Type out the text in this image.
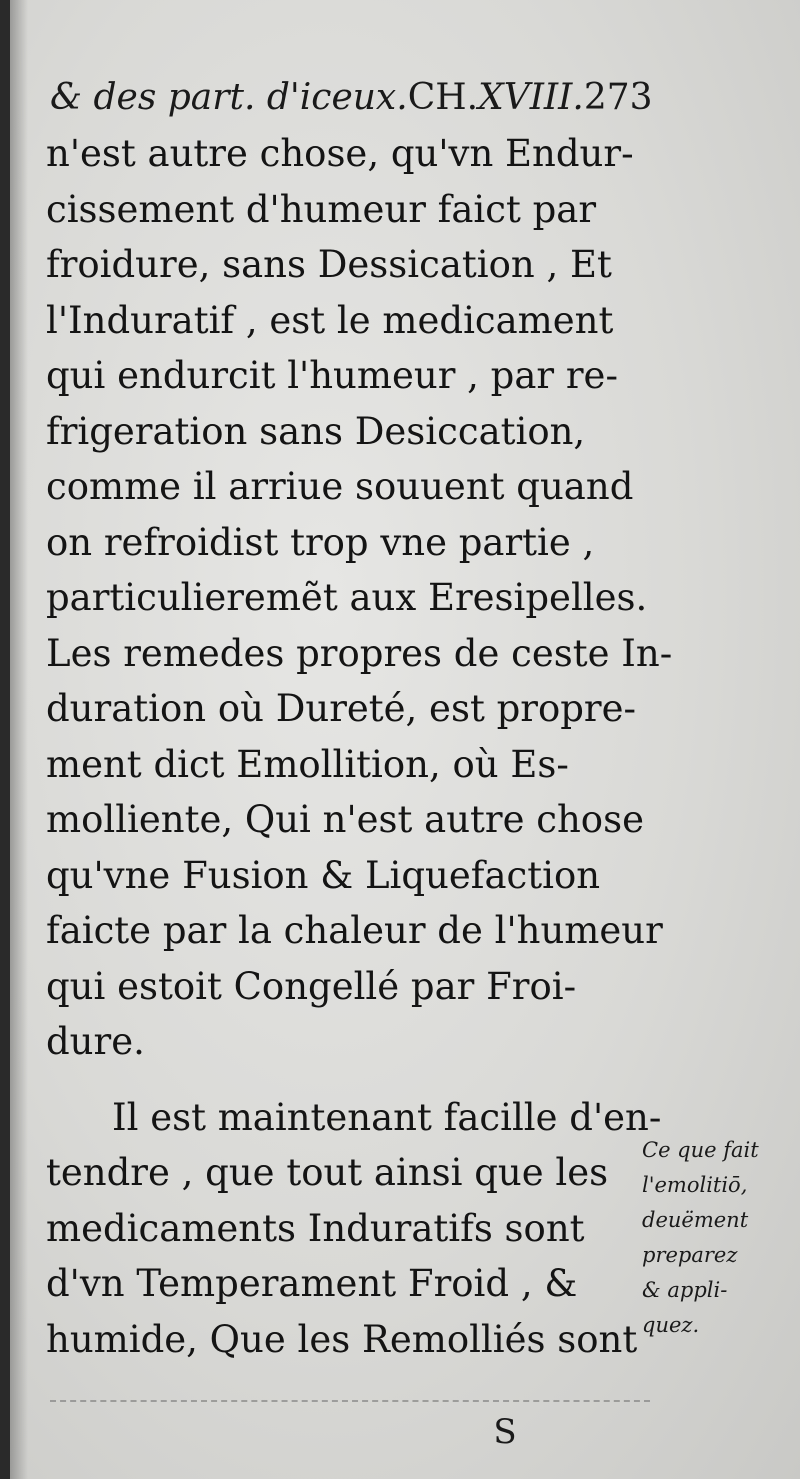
& des part. d'iceux.CH.XVIII.273
n'est autre chose, qu'vn Endur-
cissement d'humeur faict par
froidure, sans Dessication , Et
l'Induratif , est le medicament
qui endurcit l'humeur , par re-
frigeration sans Desiccation,
comme il arriue souuent quand
on refroidist trop vne partie ,
particulieremẽt aux Eresipelles.
Les remedes propres de ceste In-
duration où Dureté, est propre-
ment dict Emollition, où Es-
molliente, Qui n'est autre chose
qu'vne Fusion & Liquefaction
faicte par la chaleur de l'humeur
qui estoit Congellé par Froi-
dure.
Il est maintenant facille d'en-
tendre , que tout ainsi que les
medicaments Induratifs sont
d'vn Temperament Froid , &
humide, Que les Remolliés sont
Ce que fait
l'emolitiō,
deuëment
preparez
& appli-
quez.
S
